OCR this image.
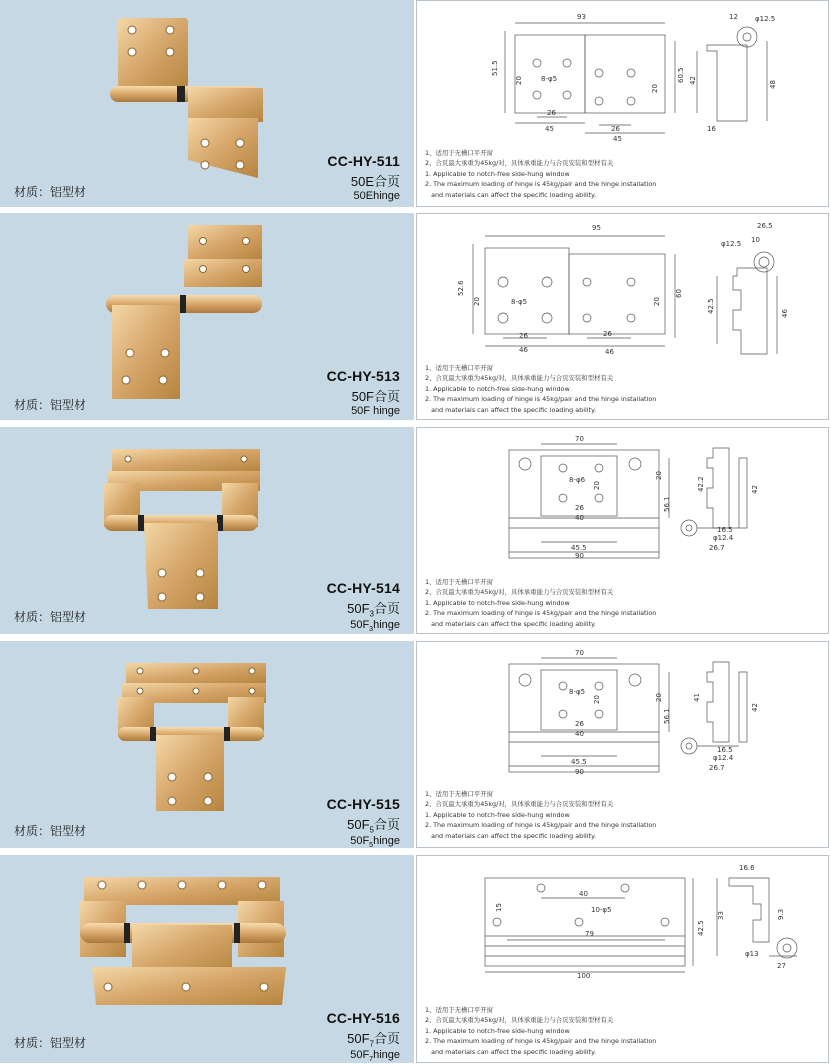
材质：铝型材
CC-HY-511
50E合页
50Ehinge
93
51.5
20	8-φ5
26
45
60.5
20
26
45
12 φ12.5
42	48
16
1、适用于无槽口平开窗
2、合页最大承重为45kg/对，具体承重能力与合页安装和型材有关
1. Applicable to notch-free side-hung window
2. The maximum loading of hinge is 45kg/pair and the hinge installation
and materials can affect the specific loading ability.
材质：铝型材
CC-HY-513
50F合页
50F hinge
95
52.6
20	8-φ5
26
46
60
20
26
46
26.5
φ12.5 10
42.5	46
1、适用于无槽口平开窗
2、合页最大承重为45kg/对，具体承重能力与合页安装和型材有关
1. Applicable to notch-free side-hung window
2. The maximum loading of hinge is 45kg/pair and the hinge installation
and materials can affect the specific loading ability.
材质：铝型材
CC-HY-514
$50F_3$合页
$50F_3hinge$
70
8-φ6
20
20
26
40
56.1
45.5
90
42.2	42
16.5
φ12.4
26.7
1、适用于无槽口平开窗
2、合页最大承重为45kg/对，具体承重能力与合页安装和型材有关
1. Applicable to notch-free side-hung window
2. The maximum loading of hinge is 45kg/pair and the hinge installation
and materials can affect the specific loading ability.
材质：铝型材
CC-HY-515
$50F_5$合页
$50F_5hinge$
70
8-φ5
20	20
26
40
56.1
45.5
90
41
42
16.5
φ12.4
26.7
1、适用于无槽口平开窗
2、合页最大承重为45kg/对，具体承重能力与合页安装和型材有关
1. Applicable to notch-free side-hung window
2. The maximum loading of hinge is 45kg/pair and the hinge installation
and materials can affect the specific loading ability.
材质：铝型材
CC-HY-516
$50F_7$合页
$50F_7hinge$
15
40
10-φ5
79	42.5
100
16.6
33	9.3
φ13
27
1、适用于无槽口平开窗
2、合页最大承重为45kg/对，具体承重能力与合页安装和型材有关
1. Applicable to notch-free side-hung window
2. The maximum loading of hinge is 45kg/pair and the hinge installation
and materials can affect the specific loading ability.
